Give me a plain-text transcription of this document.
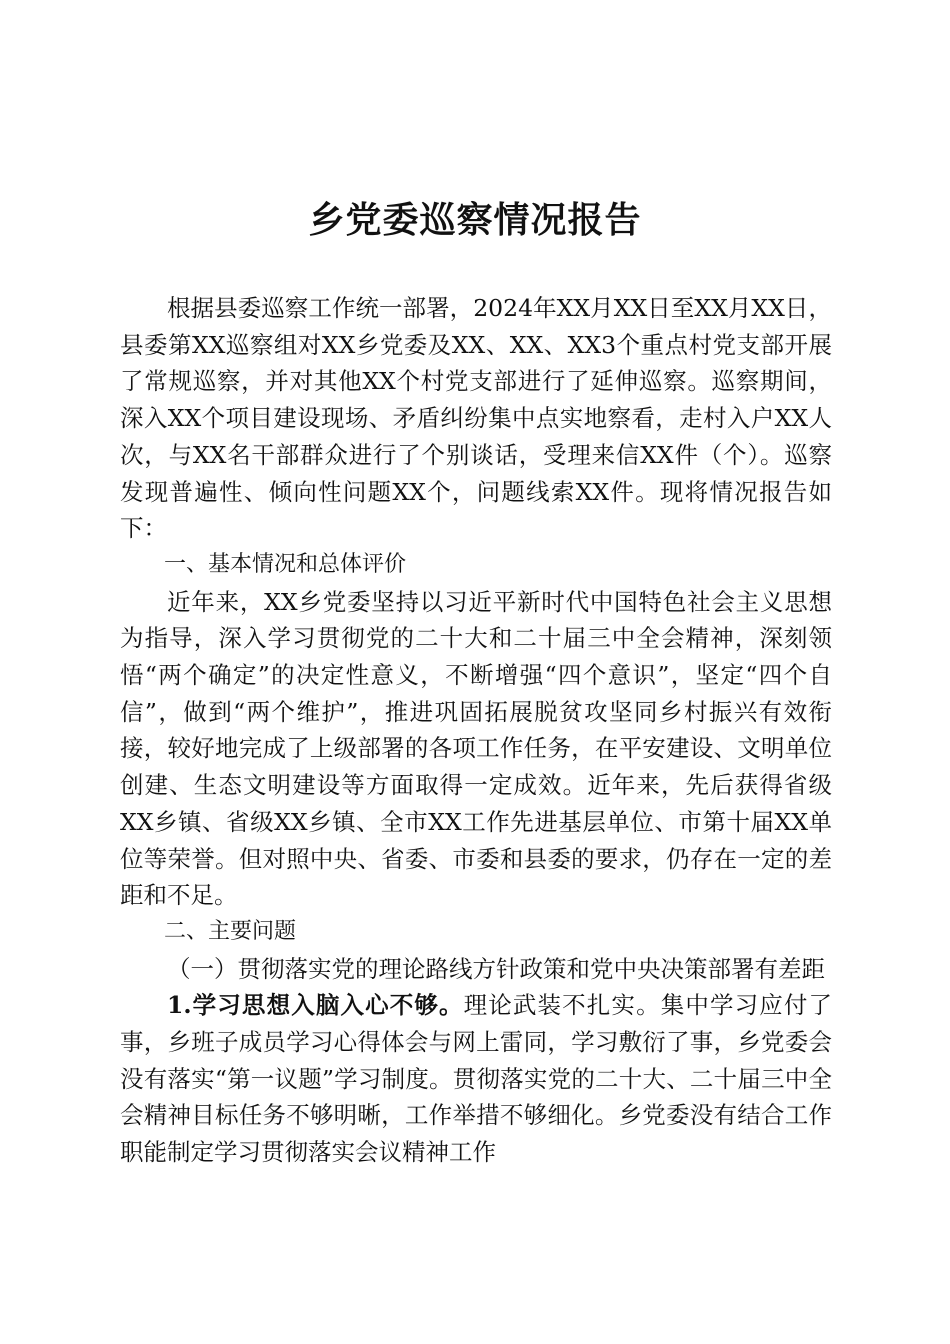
乡党委巡察情况报告

根据县委巡察工作统一部署，2024年XX月XX日至XX月XX日，县委第XX巡察组对XX乡党委及XX、XX、XX3个重点村党支部开展了常规巡察，并对其他XX个村党支部进行了延伸巡察。巡察期间，深入XX个项目建设现场、矛盾纠纷集中点实地察看，走村入户XX人次，与XX名干部群众进行了个别谈话，受理来信XX件（个）。巡察发现普遍性、倾向性问题XX个，问题线索XX件。现将情况报告如下：

一、基本情况和总体评价

近年来，XX乡党委坚持以习近平新时代中国特色社会主义思想为指导，深入学习贯彻党的二十大和二十届三中全会精神，深刻领悟“两个确定”的决定性意义，不断增强“四个意识”，坚定“四个自信”，做到“两个维护”，推进巩固拓展脱贫攻坚同乡村振兴有效衔接，较好地完成了上级部署的各项工作任务，在平安建设、文明单位创建、生态文明建设等方面取得一定成效。近年来，先后获得省级XX乡镇、省级XX乡镇、全市XX工作先进基层单位、市第十届XX单位等荣誉。但对照中央、省委、市委和县委的要求，仍存在一定的差距和不足。

二、主要问题

（一）贯彻落实党的理论路线方针政策和党中央决策部署有差距

1.学习思想入脑入心不够。理论武装不扎实。集中学习应付了事，乡班子成员学习心得体会与网上雷同，学习敷衍了事，乡党委会没有落实“第一议题”学习制度。贯彻落实党的二十大、二十届三中全会精神目标任务不够明晰，工作举措不够细化。乡党委没有结合工作职能制定学习贯彻落实会议精神工作
